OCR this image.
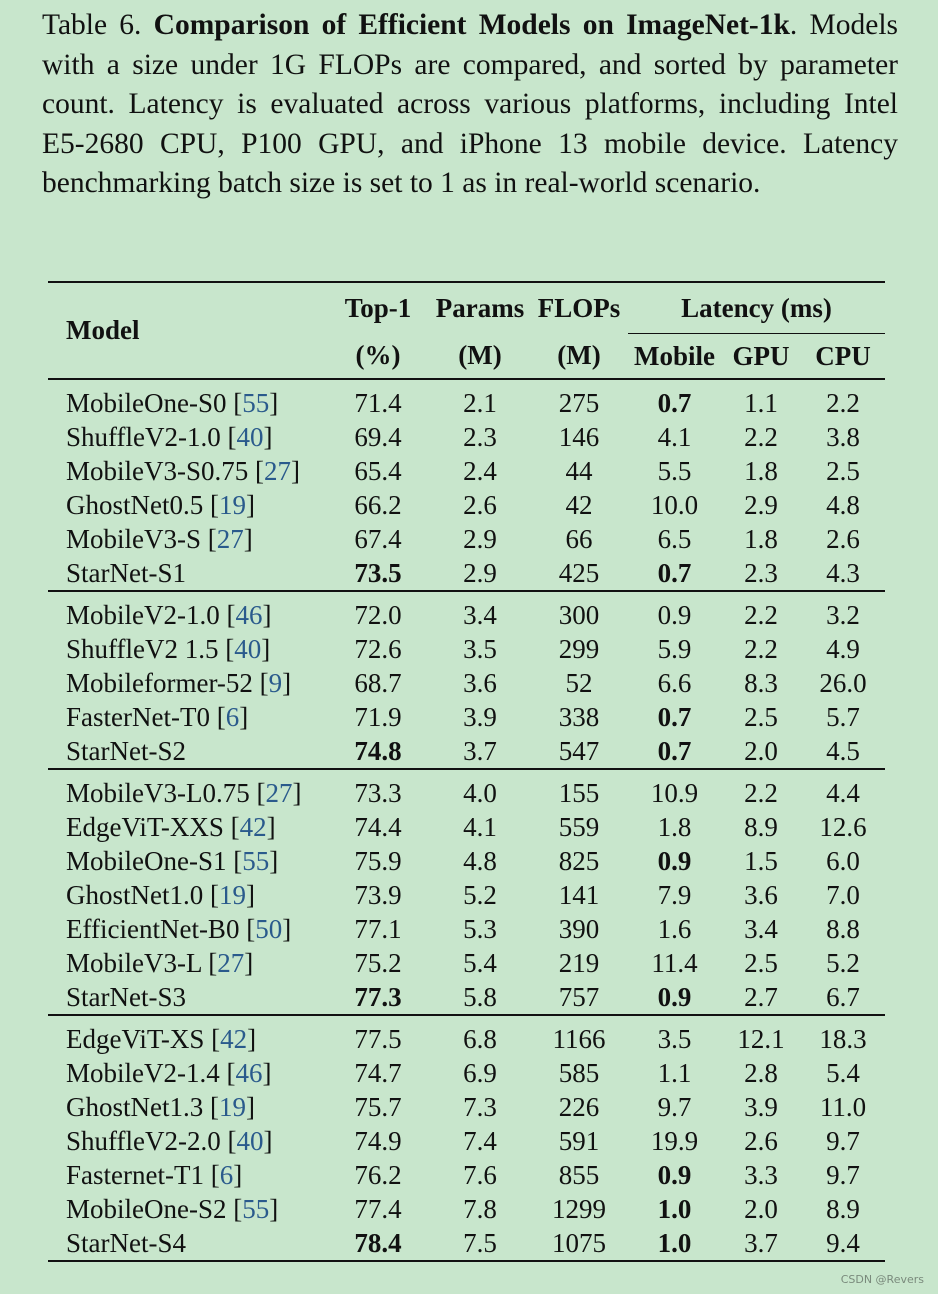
Table 6. Comparison of Efficient Models on ImageNet-1k. Models with a size under 1G FLOPs are compared, and sorted by parameter count. Latency is evaluated across various platforms, including Intel E5-2680 CPU, P100 GPU, and iPhone 13 mobile device. Latency benchmarking batch size is set to 1 as in real-world scenario.
Model	Top-1	Params	FLOPs	Latency (ms)		
	(%)	(M)	(M)	Mobile	GPU	CPU
MobileOne-S0 [55]	71.4	2.1	275	0.7	1.1	2.2
ShuffleV2-1.0 [40]	69.4	2.3	146	4.1	2.2	3.8
MobileV3-S0.75 [27]	65.4	2.4	44	5.5	1.8	2.5
GhostNet0.5 [19]	66.2	2.6	42	10.0	2.9	4.8
MobileV3-S [27]	67.4	2.9	66	6.5	1.8	2.6
StarNet-S1	73.5	2.9	425	0.7	2.3	4.3
MobileV2-1.0 [46]	72.0	3.4	300	0.9	2.2	3.2
ShuffleV2 1.5 [40]	72.6	3.5	299	5.9	2.2	4.9
Mobileformer-52 [9]	68.7	3.6	52	6.6	8.3	26.0
FasterNet-T0 [6]	71.9	3.9	338	0.7	2.5	5.7
StarNet-S2	74.8	3.7	547	0.7	2.0	4.5
MobileV3-L0.75 [27]	73.3	4.0	155	10.9	2.2	4.4
EdgeViT-XXS [42]	74.4	4.1	559	1.8	8.9	12.6
MobileOne-S1 [55]	75.9	4.8	825	0.9	1.5	6.0
GhostNet1.0 [19]	73.9	5.2	141	7.9	3.6	7.0
EfficientNet-B0 [50]	77.1	5.3	390	1.6	3.4	8.8
MobileV3-L [27]	75.2	5.4	219	11.4	2.5	5.2
StarNet-S3	77.3	5.8	757	0.9	2.7	6.7
EdgeViT-XS [42]	77.5	6.8	1166	3.5	12.1	18.3
MobileV2-1.4 [46]	74.7	6.9	585	1.1	2.8	5.4
GhostNet1.3 [19]	75.7	7.3	226	9.7	3.9	11.0
ShuffleV2-2.0 [40]	74.9	7.4	591	19.9	2.6	9.7
Fasternet-T1 [6]	76.2	7.6	855	0.9	3.3	9.7
MobileOne-S2 [55]	77.4	7.8	1299	1.0	2.0	8.9
StarNet-S4	78.4	7.5	1075	1.0	3.7	9.4
CSDN @Revers
